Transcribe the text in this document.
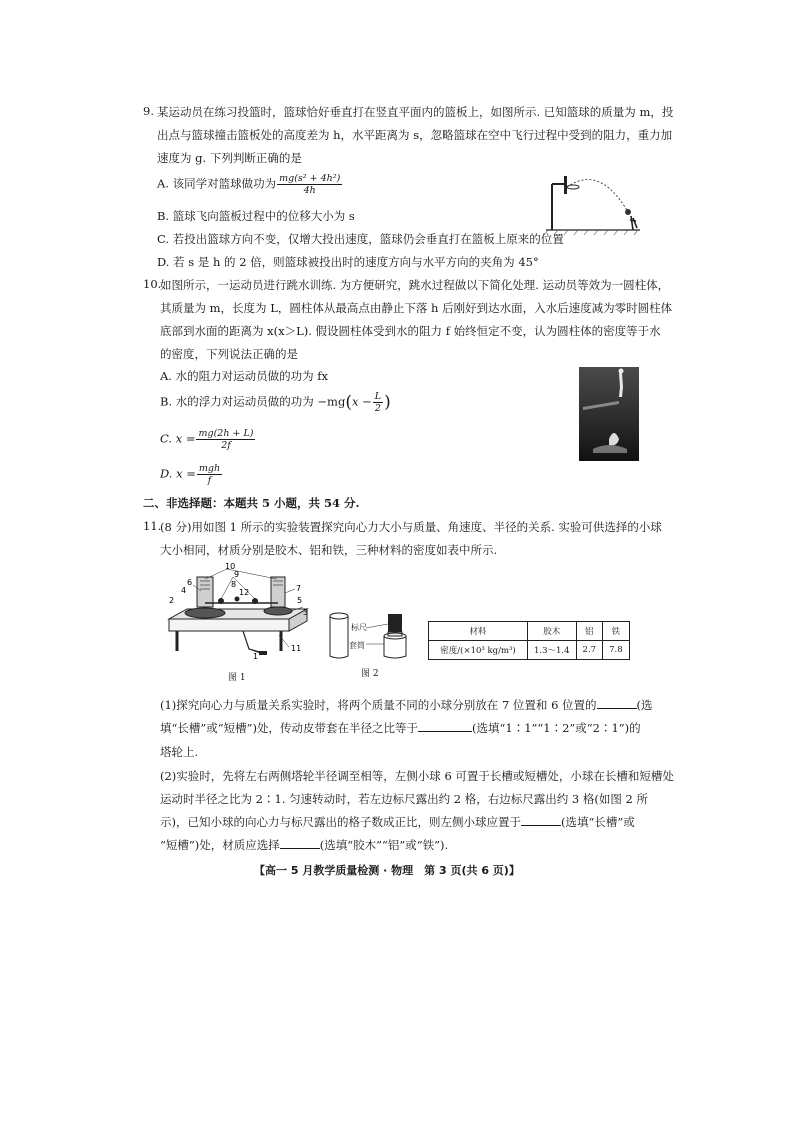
9. 某运动员在练习投篮时，篮球恰好垂直打在竖直平面内的篮板上，如图所示. 已知篮球的质量为 m，投
出点与篮球撞击篮板处的高度差为 h，水平距离为 s，忽略篮球在空中飞行过程中受到的阻力，重力加
速度为 g. 下列判断正确的是
A. 该同学对篮球做功为 $\frac{\text{mg(s² + 4h²)}}{4h}$
B. 篮球飞向篮板过程中的位移大小为 s
C. 若投出篮球方向不变，仅增大投出速度，篮球仍会垂直打在篮板上原来的位置
D. 若 s 是 h 的 2 倍，则篮球被投出时的速度方向与水平方向的夹角为 45°
10.
如图所示，一运动员进行跳水训练. 为方便研究，跳水过程做以下简化处理. 运动员等效为一圆柱体，
其质量为 m，长度为 L，圆柱体从最高点由静止下落 h 后刚好到达水面，入水后速度减为零时圆柱体
底部到水面的距离为 x(x＞L). 假设圆柱体受到水的阻力 f 始终恒定不变，认为圆柱体的密度等于水
的密度，下列说法正确的是
A. 水的阻力对运动员做的功为 fx
B. 水的浮力对运动员做的功为 $-mg(x - \frac{L}{2}$ )
C. $x = \frac{mg(2h + L)}{2f}$
D. $x = \frac{\text{mgh}}{f}$
二、非选择题：本题共 5 小题，共 54 分.
11.
(8 分)用如图 1 所示的实验装置探究向心力大小与质量、角速度、半径的关系. 实验可供选择的小球
大小相同，材质分别是胶木、铝和铁，三种材料的密度如表中所示.
10
9
8
6
12	7
4
5
2
3
1
11
图 1
标尺
套筒
图 2
材料	胶木	铝	铁
密度/(×10³ kg/m³)	1.3～1.4	2.7	7.8
(1)探究向心力与质量关系实验时，将两个质量不同的小球分别放在 7 位置和 6 位置的	(选
填“长槽”或“短槽”)处，传动皮带套在半径之比等于	(选填“1∶1”“1∶2”或“2∶1”)的
塔轮上.
(2)实验时，先将左右两侧塔轮半径调至相等，左侧小球 6 可置于长槽或短槽处，小球在长槽和短槽处
运动时半径之比为 2∶1. 匀速转动时，若左边标尺露出约 2 格，右边标尺露出约 3 格(如图 2 所
示)，已知小球的向心力与标尺露出的格子数成正比，则左侧小球应置于	(选填“长槽”或
“短槽”)处，材质应选择	(选填“胶木”“铝”或“铁”).
【高一 5 月教学质量检测 · 物理　第 3 页(共 6 页)】
